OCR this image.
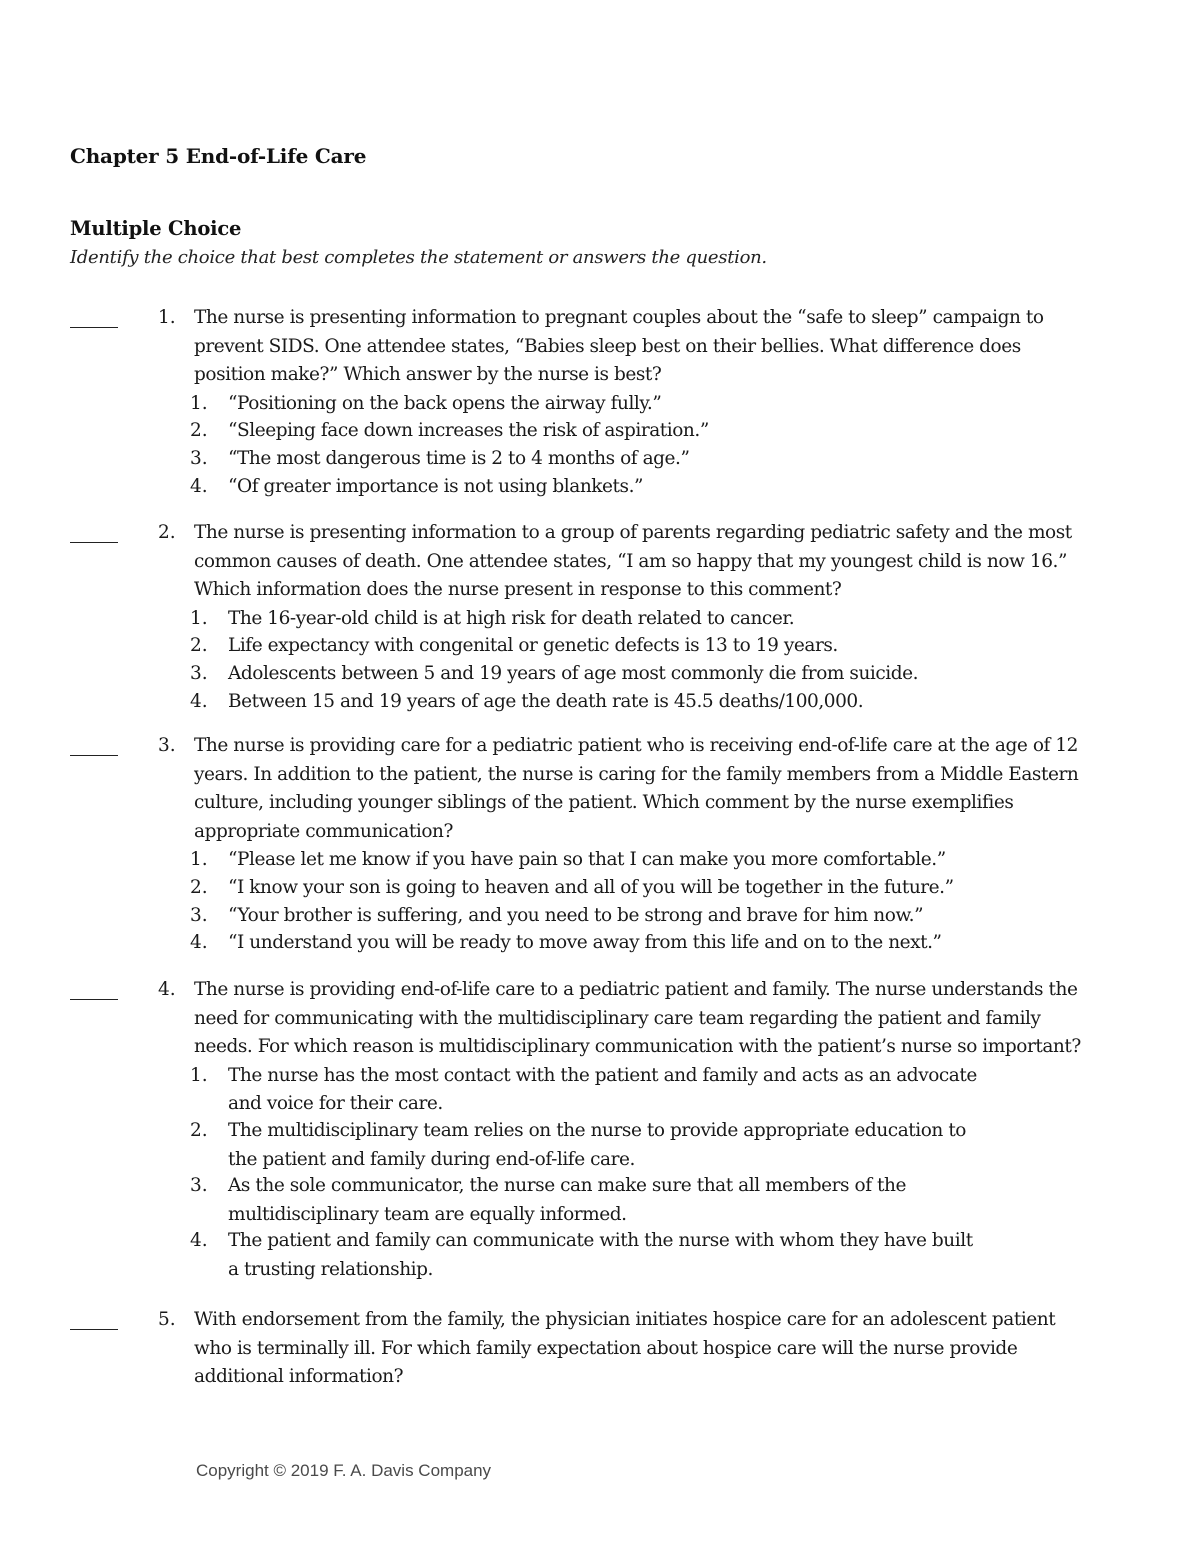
Chapter 5 End-of-Life Care
Multiple Choice
Identify the choice that best completes the statement or answers the question.
1. The nurse is presenting information to pregnant couples about the “safe to sleep” campaign to
prevent SIDS. One attendee states, “Babies sleep best on their bellies. What difference does
position make?” Which answer by the nurse is best?
1. “Positioning on the back opens the airway fully.”
2. “Sleeping face down increases the risk of aspiration.”
3. “The most dangerous time is 2 to 4 months of age.”
4. “Of greater importance is not using blankets.”
2. The nurse is presenting information to a group of parents regarding pediatric safety and the most
common causes of death. One attendee states, “I am so happy that my youngest child is now 16.”
Which information does the nurse present in response to this comment?
1. The 16-year-old child is at high risk for death related to cancer.
2. Life expectancy with congenital or genetic defects is 13 to 19 years.
3. Adolescents between 5 and 19 years of age most commonly die from suicide.
4. Between 15 and 19 years of age the death rate is 45.5 deaths/100,000.
3. The nurse is providing care for a pediatric patient who is receiving end-of-life care at the age of 12
years. In addition to the patient, the nurse is caring for the family members from a Middle Eastern
culture, including younger siblings of the patient. Which comment by the nurse exemplifies
appropriate communication?
1. “Please let me know if you have pain so that I can make you more comfortable.”
2. “I know your son is going to heaven and all of you will be together in the future.”
3. “Your brother is suffering, and you need to be strong and brave for him now.”
4. “I understand you will be ready to move away from this life and on to the next.”
4. The nurse is providing end-of-life care to a pediatric patient and family. The nurse understands the
need for communicating with the multidisciplinary care team regarding the patient and family
needs. For which reason is multidisciplinary communication with the patient’s nurse so important?
1. The nurse has the most contact with the patient and family and acts as an advocate
and voice for their care.
2. The multidisciplinary team relies on the nurse to provide appropriate education to
the patient and family during end-of-life care.
3. As the sole communicator, the nurse can make sure that all members of the
multidisciplinary team are equally informed.
4. The patient and family can communicate with the nurse with whom they have built
a trusting relationship.
5. With endorsement from the family, the physician initiates hospice care for an adolescent patient
who is terminally ill. For which family expectation about hospice care will the nurse provide
additional information?
Copyright © 2019 F. A. Davis Company
